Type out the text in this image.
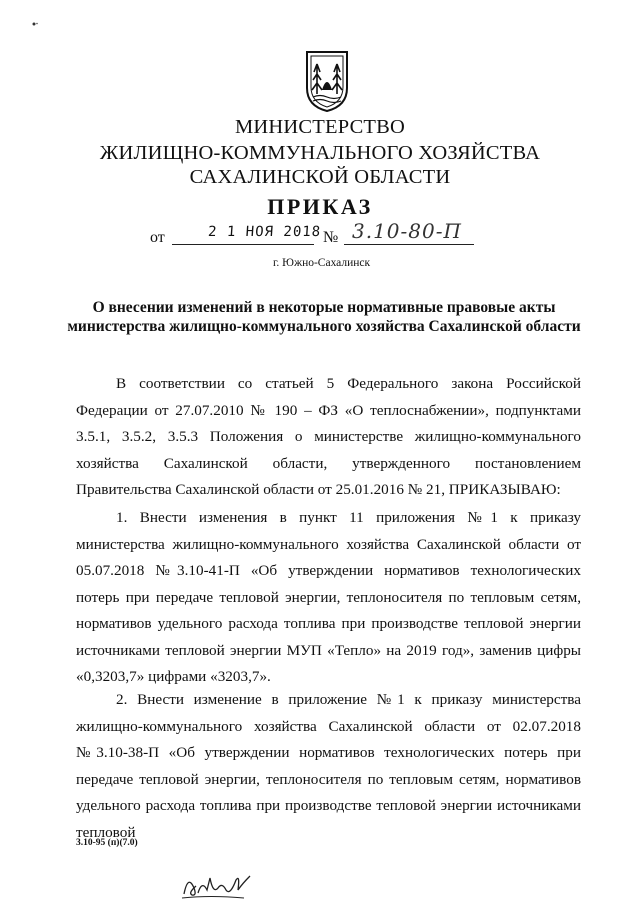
МИНИСТЕРСТВО
ЖИЛИЩНО-КОММУНАЛЬНОГО ХОЗЯЙСТВА
САХАЛИНСКОЙ ОБЛАСТИ
ПРИКАЗ
от	2 1 НОЯ 2018 № 3.10-80-П
г. Южно-Сахалинск
О внесении изменений в некоторые нормативные правовые акты министерства жилищно-коммунального хозяйства Сахалинской области
В соответствии со статьей 5 Федерального закона Российской Федерации от 27.07.2010 № 190 – ФЗ «О теплоснабжении», подпунктами 3.5.1, 3.5.2, 3.5.3 Положения о министерстве жилищно-коммунального хозяйства Сахалинской области, утвержденного постановлением Правительства Сахалинской области от 25.01.2016 № 21, ПРИКАЗЫВАЮ:
1. Внести изменения в пункт 11 приложения №1 к приказу министерства жилищно-коммунального хозяйства Сахалинской области от 05.07.2018 №3.10-41-П «Об утверждении нормативов технологических потерь при передаче тепловой энергии, теплоносителя по тепловым сетям, нормативов удельного расхода топлива при производстве тепловой энергии источниками тепловой энергии МУП «Тепло» на 2019 год», заменив цифры «0,3203,7» цифрами «3203,7».
2. Внести изменение в приложение №1 к приказу министерства жилищно-коммунального хозяйства Сахалинской области от 02.07.2018 №3.10-38-П «Об утверждении нормативов технологических потерь при передаче тепловой энергии, теплоносителя по тепловым сетям, нормативов удельного расхода топлива при производстве тепловой энергии источниками тепловой
3.10-95 (п)(7.0)
